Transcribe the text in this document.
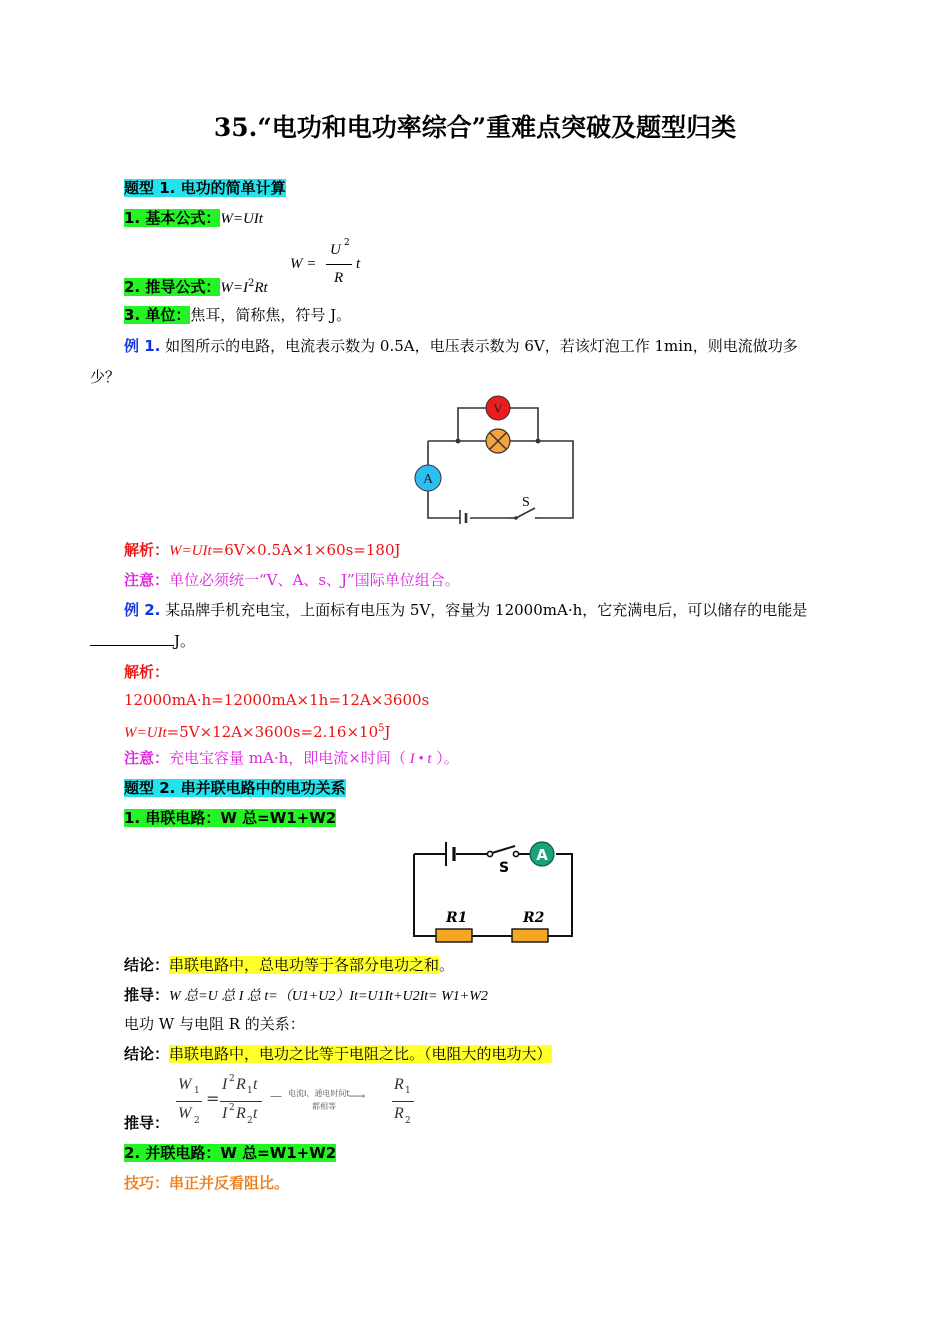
35.“电功和电功率综合”重难点突破及题型归类
题型 1. 电功的简单计算
1. 基本公式：W=UIt
W =
U 2
R
t
2. 推导公式：$W=I^2Rt$
3. 单位：焦耳，简称焦，符号 J。
例 1. 如图所示的电路，电流表示数为 0.5A，电压表示数为 6V，若该灯泡工作 1min，则电流做功多
少？
S
V
A
解析：W=UIt=6V×0.5A×1×60s=180J
注意：单位必须统一“V、A、s、J”国际单位组合。
例 2. 某品牌手机充电宝，上面标有电压为 5V，容量为 12000mA·h，它充满电后，可以储存的电能是
J。
解析：
12000mA·h=12000mA×1h=12A×3600s
$W=UIt=5V\times 12A\times 3600s=2.16\times 10^5J$
注意：充电宝容量 mA·h，即电流×时间（ I • t ）。
题型 2. 串并联电路中的电功关系
1. 串联电路：W 总=W1+W2
S
A
R1	R2
结论：串联电路中，总电功等于各部分电功之和。
推导：W 总=U 总 I 总 t=（U1+U2）It=U1It+U2It= W1+W2
电功 W 与电阻 R 的关系：
结论：串联电路中，电功之比等于电阻之比。（电阻大的电功大）
W 1
W 2
=
I 2 R 1 t
I 2 R 2 t
— 电流I、通电时间t
⟶
都相等
R 1
R 2
推导：
2. 并联电路：W 总=W1+W2
技巧：串正并反看阻比。
